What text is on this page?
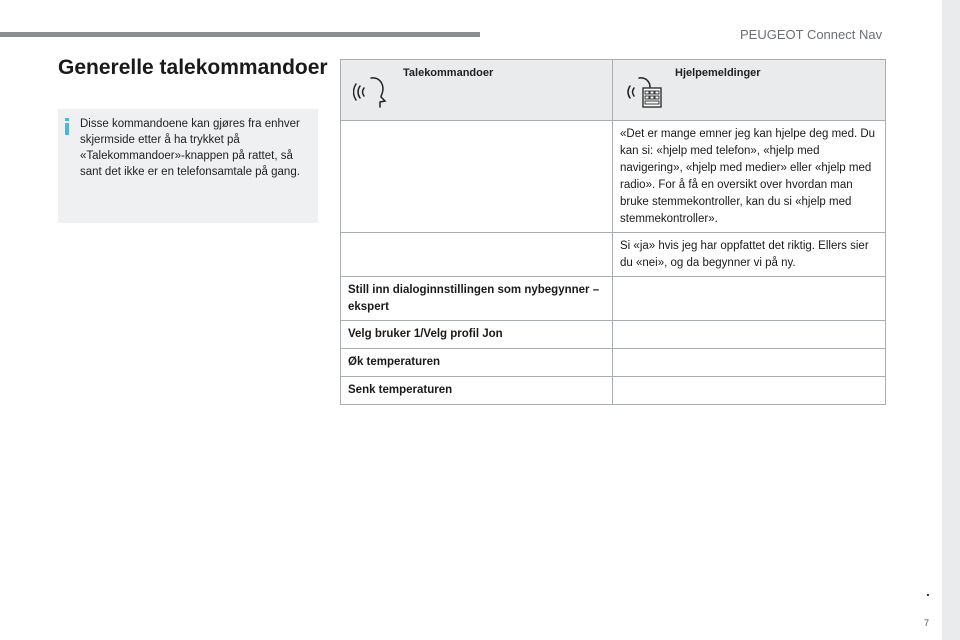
PEUGEOT Connect Nav
Generelle talekommandoer

Disse kommandoene kan gjøres fra enhver skjermside etter å ha trykket på «Talekommandoer»-knappen på rattet, så sant det ikke er en telefonsamtale på gang.

Talekommandoer	Hjelpemeldinger

	«Det er mange emner jeg kan hjelpe deg med. Du kan si: «hjelp med telefon», «hjelp med navigering», «hjelp med medier» eller «hjelp med radio». For å få en oversikt over hvordan man bruke stemmekontroller, kan du si «hjelp med stemmekontroller».
	Si «ja» hvis jeg har oppfattet det riktig. Ellers sier du «nei», og da begynner vi på ny.
Still inn dialoginnstillingen som nybegynner – ekspert	
Velg bruker 1/Velg profil Jon	
Øk temperaturen	
Senk temperaturen	
.
7
